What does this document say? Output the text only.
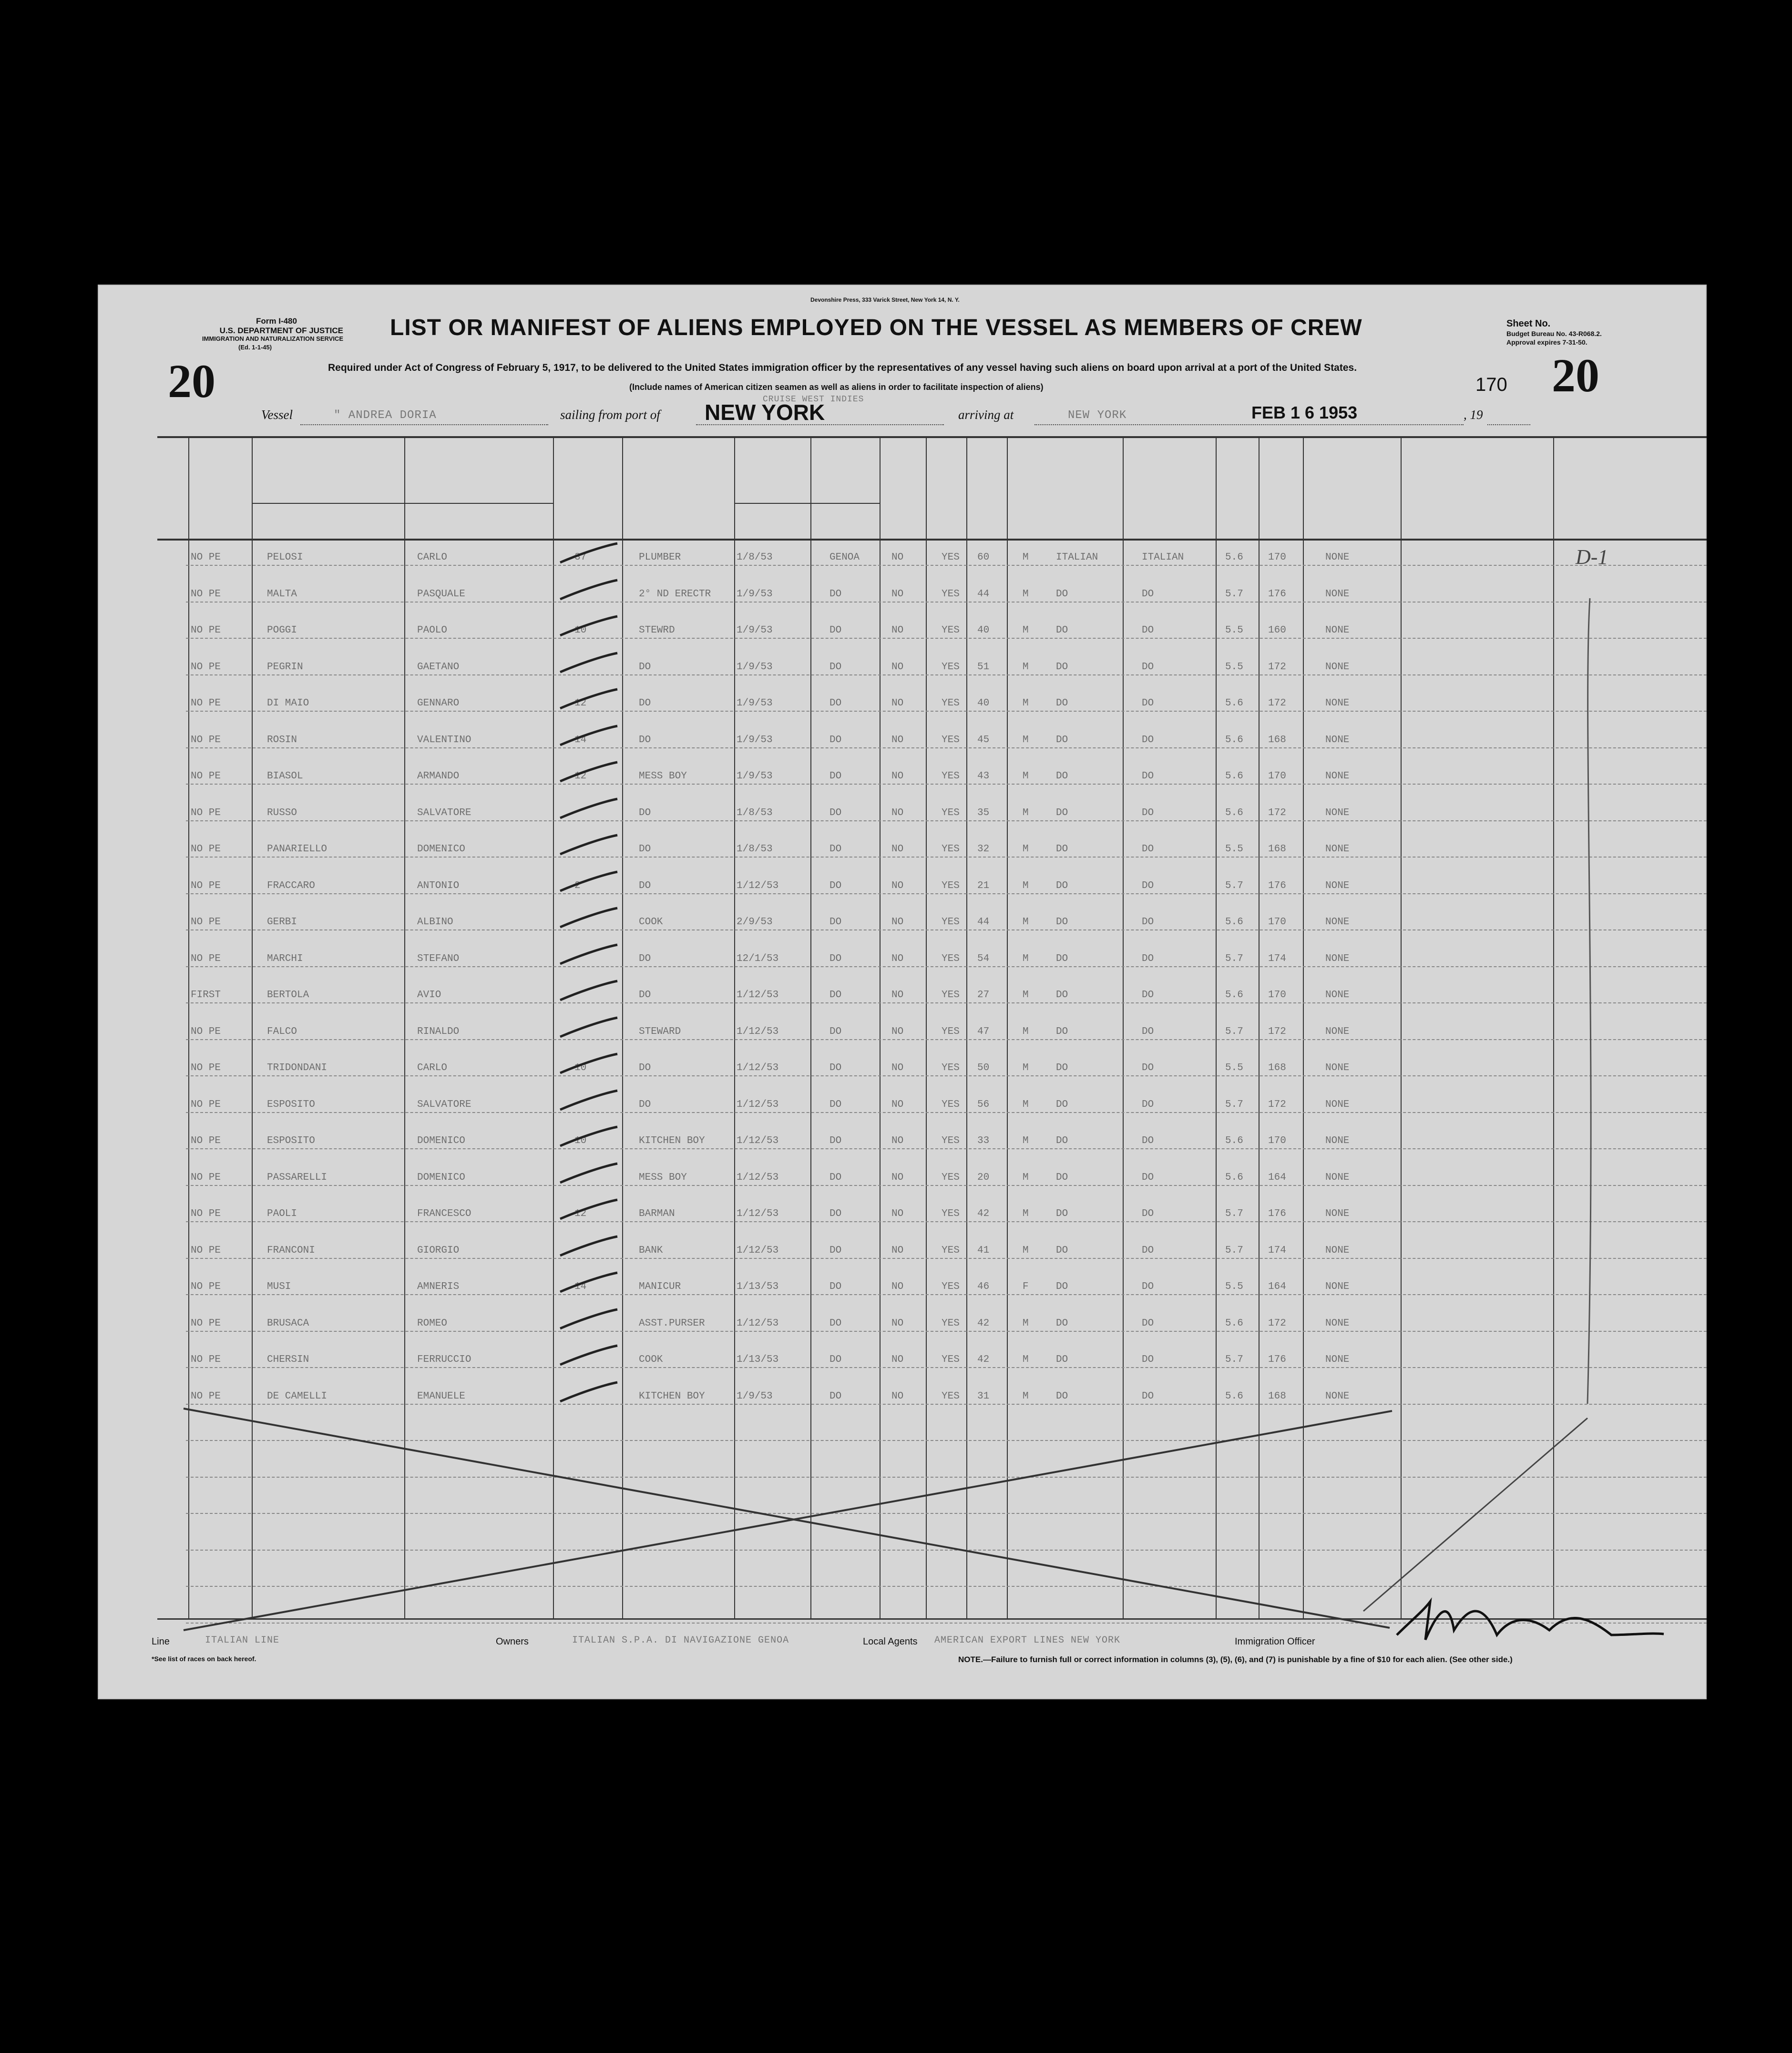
Form I-480
U.S. DEPARTMENT OF JUSTICE
IMMIGRATION AND NATURALIZATION SERVICE
(Ed. 1-1-45)
Devonshire Press, 333 Varick Street, New York 14, N. Y.
LIST OR MANIFEST OF ALIENS EMPLOYED ON THE VESSEL AS MEMBERS OF CREW
Required under Act of Congress of February 5, 1917, to be delivered to the United States immigration officer by the representatives of any vessel having such aliens on board upon arrival at a port of the United States.
(Include names of American citizen seamen as well as aliens in order to facilitate inspection of aliens)
Sheet No.
Budget Bureau No. 43-R068.2.
Approval expires 7-31-50.
20	20
170
Vessel	" ANDREA DORIA	sailing from port of NEW YORK
CRUISE WEST INDIES
arriving at	NEW YORK	FEB 1 6 1953	, 19
NO PE	PELOSI	CARLO	37	PLUMBER	1/8/53	GENOA	NO	YES 60	M	ITALIAN	ITALIAN	5.6 170	NONE
NO PE	MALTA	PASQUALE	2° ND ERECTR	1/9/53	DO	NO	YES 44	M	DO	DO	5.7 176	NONE
NO PE	POGGI	PAOLO	10	STEWRD	1/9/53	DO	NO	YES 40	M	DO	DO	5.5 160	NONE
NO PE	PEGRIN	GAETANO	DO	1/9/53	DO	NO	YES 51	M	DO	DO	5.5 172	NONE
NO PE	DI MAIO	GENNARO	12	DO	1/9/53	DO	NO	YES 40	M	DO	DO	5.6 172	NONE
NO PE	ROSIN	VALENTINO	14	DO	1/9/53	DO	NO	YES 45	M	DO	DO	5.6 168	NONE
NO PE	BIASOL	ARMANDO	12	MESS BOY	1/9/53	DO	NO	YES 43	M	DO	DO	5.6 170	NONE
NO PE	RUSSO	SALVATORE	DO	1/8/53	DO	NO	YES 35	M	DO	DO	5.6 172	NONE
NO PE	PANARIELLO	DOMENICO	DO	1/8/53	DO	NO	YES 32	M	DO	DO	5.5 168	NONE
NO PE	FRACCARO	ANTONIO	2	DO	1/12/53	DO	NO	YES 21	M	DO	DO	5.7 176	NONE
NO PE	GERBI	ALBINO	COOK	2/9/53	DO	NO	YES 44	M	DO	DO	5.6 170	NONE
NO PE	MARCHI	STEFANO	DO	12/1/53	DO	NO	YES 54	M	DO	DO	5.7 174	NONE
FIRST	BERTOLA	AVIO	DO	1/12/53	DO	NO	YES 27	M	DO	DO	5.6 170	NONE
NO PE	FALCO	RINALDO	STEWARD	1/12/53	DO	NO	YES 47	M	DO	DO	5.7 172	NONE
NO PE	TRIDONDANI	CARLO	10	DO	1/12/53	DO	NO	YES 50	M	DO	DO	5.5 168	NONE
NO PE	ESPOSITO	SALVATORE	DO	1/12/53	DO	NO	YES 56	M	DO	DO	5.7 172	NONE
NO PE	ESPOSITO	DOMENICO	10	KITCHEN BOY	1/12/53	DO	NO	YES 33	M	DO	DO	5.6 170	NONE
NO PE	PASSARELLI	DOMENICO	MESS BOY	1/12/53	DO	NO	YES 20	M	DO	DO	5.6 164	NONE
NO PE	PAOLI	FRANCESCO	12	BARMAN	1/12/53	DO	NO	YES 42	M	DO	DO	5.7 176	NONE
NO PE	FRANCONI	GIORGIO	BANK	1/12/53	DO	NO	YES 41	M	DO	DO	5.7 174	NONE
NO PE	MUSI	AMNERIS	14	MANICUR	1/13/53	DO	NO	YES 46	F	DO	DO	5.5 164	NONE
NO PE	BRUSACA	ROMEO	ASST.PURSER	1/12/53	DO	NO	YES 42	M	DO	DO	5.6 172	NONE
NO PE	CHERSIN	FERRUCCIO	COOK	1/13/53	DO	NO	YES 42	M	DO	DO	5.7 176	NONE
NO PE	DE CAMELLI	EMANUELE	KITCHEN BOY	1/9/53	DO	NO	YES 31	M	DO	DO	5.6 168	NONE
D-1
Line	ITALIAN LINE	Owners	ITALIAN S.P.A. DI NAVIGAZIONE GENOA	Local Agents AMERICAN EXPORT LINES NEW YORK	Immigration Officer
*See list of races on back hereof.	NOTE.—Failure to furnish full or correct information in columns (3), (5), (6), and (7) is punishable by a fine of $10 for each alien. (See other side.)
